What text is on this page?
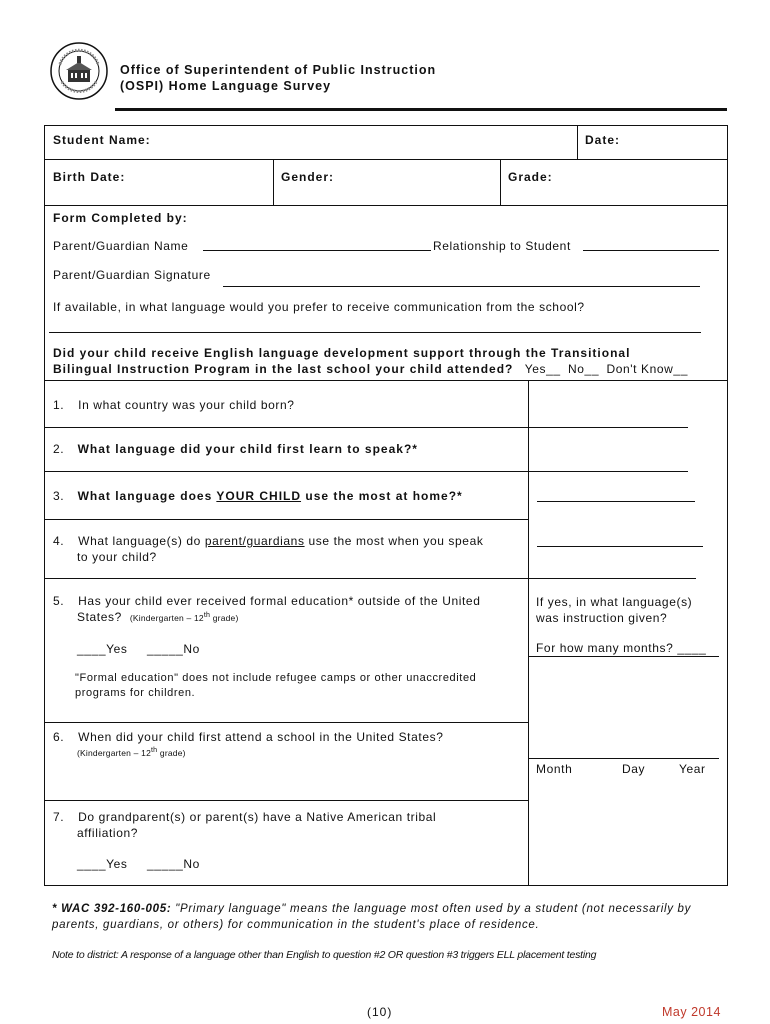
Office of Superintendent of Public Instruction
(OSPI) Home Language Survey
Student Name:	Date:
Birth Date:	Gender:	Grade:
Form Completed by:
Parent/Guardian Name	Relationship to Student
Parent/Guardian Signature
If available, in what language would you prefer to receive communication from the school?
Did your child receive English language development support through the Transitional
Bilingual Instruction Program in the last school your child attended? Yes__ No__ Don't Know__
1. In what country was your child born?
2. What language did your child first learn to speak?*
3. What language does YOUR CHILD use the most at home?*
4. What language(s) do parent/guardians use the most when you speak
to your child?
5. Has your child ever received formal education* outside of the United
States? (Kindergarten – 12th grade)
____Yes _____No
"Formal education" does not include refugee camps or other unaccredited
programs for children.
If yes, in what language(s)
was instruction given?
For how many months? ____
6. When did your child first attend a school in the United States?
(Kindergarten – 12th grade)
Month	Day	Year
7. Do grandparent(s) or parent(s) have a Native American tribal
affiliation?
____Yes _____No
* WAC 392-160-005: "Primary language" means the language most often used by a student (not necessarily by parents, guardians, or others) for communication in the student's place of residence.
Note to district: A response of a language other than English to question #2 OR question #3 triggers ELL placement testing
(10)	May 2014
